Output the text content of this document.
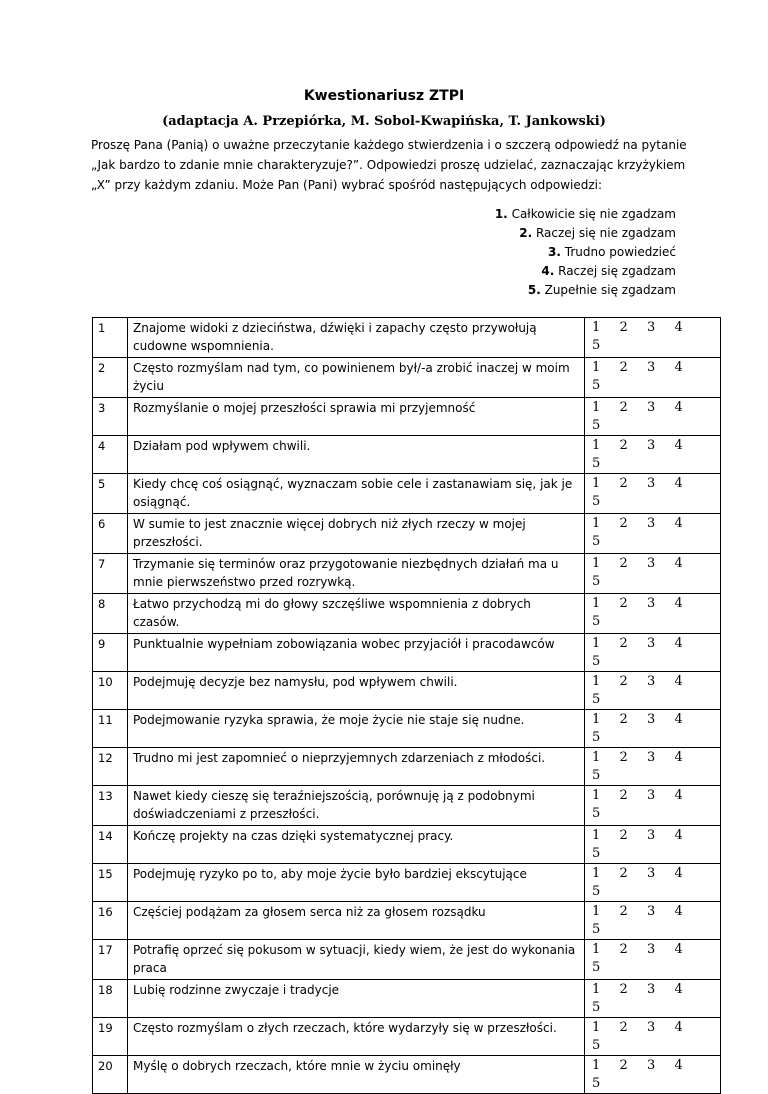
Kwestionariusz ZTPI
(adaptacja A. Przepiórka, M. Sobol-Kwapińska, T. Jankowski)
Proszę Pana (Panią) o uważne przeczytanie każdego stwierdzenia i o szczerą odpowiedź na pytanie
„Jak bardzo to zdanie mnie charakteryzuje?”. Odpowiedzi proszę udzielać, zaznaczając krzyżykiem
„X” przy każdym zdaniu. Może Pan (Pani) wybrać spośród następujących odpowiedzi:
1. Całkowicie się nie zgadzam
2. Raczej się nie zgadzam
3. Trudno powiedzieć
4. Raczej się zgadzam
5. Zupełnie się zgadzam
1	Znajome widoki z dzieciństwa, dźwięki i zapachy często przywołują cudowne wspomnienia.	1 2 3 45
2	Często rozmyślam nad tym, co powinienem był/-a zrobić inaczej w moim życiu	1 2 3 45
3	Rozmyślanie o mojej przeszłości sprawia mi przyjemność	1 2 3 45
4	Działam pod wpływem chwili.	1 2 3 45
5	Kiedy chcę coś osiągnąć, wyznaczam sobie cele i zastanawiam się, jak je osiągnąć.	1 2 3 45
6	W sumie to jest znacznie więcej dobrych niż złych rzeczy w mojej przeszłości.	1 2 3 45
7	Trzymanie się terminów oraz przygotowanie niezbędnych działań ma u mnie pierwszeństwo przed rozrywką.	1 2 3 45
8	Łatwo przychodzą mi do głowy szczęśliwe wspomnienia z dobrych czasów.	1 2 3 45
9	Punktualnie wypełniam zobowiązania wobec przyjaciół i pracodawców	1 2 3 45
10	Podejmuję decyzje bez namysłu, pod wpływem chwili.	1 2 3 45
11	Podejmowanie ryzyka sprawia, że moje życie nie staje się nudne.	1 2 3 45
12	Trudno mi jest zapomnieć o nieprzyjemnych zdarzeniach z młodości.	1 2 3 45
13	Nawet kiedy cieszę się teraźniejszością, porównuję ją z podobnymi doświadczeniami z przeszłości.	1 2 3 45
14	Kończę projekty na czas dzięki systematycznej pracy.	1 2 3 45
15	Podejmuję ryzyko po to, aby moje życie było bardziej ekscytujące	1 2 3 45
16	Częściej podążam za głosem serca niż za głosem rozsądku	1 2 3 45
17	Potrafię oprzeć się pokusom w sytuacji, kiedy wiem, że jest do wykonania praca	1 2 3 45
18	Lubię rodzinne zwyczaje i tradycje	1 2 3 45
19	Często rozmyślam o złych rzeczach, które wydarzyły się w przeszłości.	1 2 3 45
20	Myślę o dobrych rzeczach, które mnie w życiu ominęły	1 2 3 45
